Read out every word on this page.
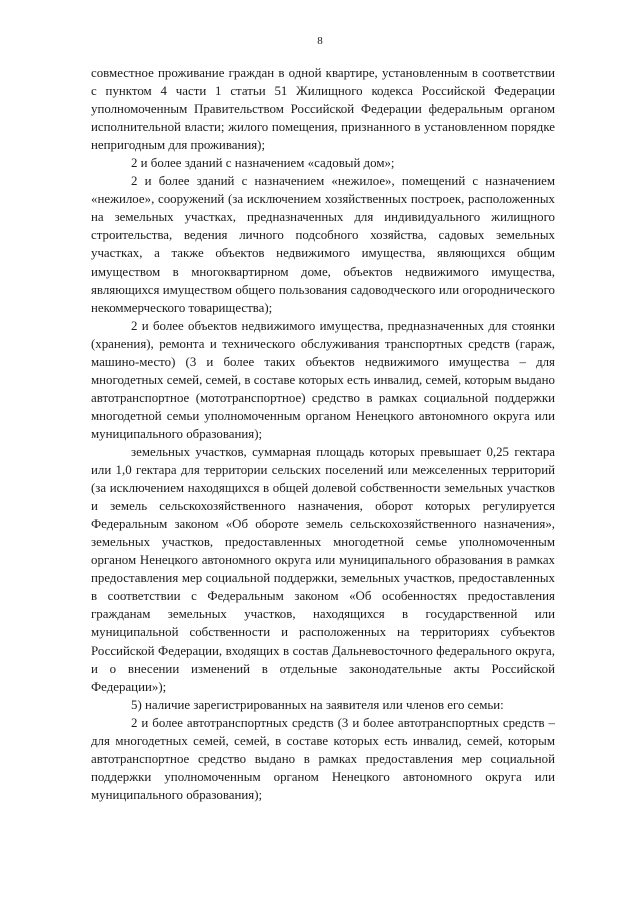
8

совместное проживание граждан в одной квартире, установленным в соответствии с пунктом 4 части 1 статьи 51 Жилищного кодекса Российской Федерации уполномоченным Правительством Российской Федерации федеральным органом исполнительной власти; жилого помещения, признанного в установленном порядке непригодным для проживания);

2 и более зданий с назначением «садовый дом»;

2 и более зданий с назначением «нежилое», помещений с назначением «нежилое», сооружений (за исключением хозяйственных построек, расположенных на земельных участках, предназначенных для индивидуального жилищного строительства, ведения личного подсобного хозяйства, садовых земельных участках, а также объектов недвижимого имущества, являющихся общим имуществом в многоквартирном доме, объектов недвижимого имущества, являющихся имуществом общего пользования садоводческого или огороднического некоммерческого товарищества);

2 и более объектов недвижимого имущества, предназначенных для стоянки (хранения), ремонта и технического обслуживания транспортных средств (гараж, машино-место) (3 и более таких объектов недвижимого имущества – для многодетных семей, семей, в составе которых есть инвалид, семей, которым выдано автотранспортное (мототранспортное) средство в рамках социальной поддержки многодетной семьи уполномоченным органом Ненецкого автономного округа или муниципального образования);

земельных участков, суммарная площадь которых превышает 0,25 гектара или 1,0 гектара для территории сельских поселений или межселенных территорий (за исключением находящихся в общей долевой собственности земельных участков и земель сельскохозяйственного назначения, оборот которых регулируется Федеральным законом «Об обороте земель сельскохозяйственного назначения», земельных участков, предоставленных многодетной семье уполномоченным органом Ненецкого автономного округа или муниципального образования в рамках предоставления мер социальной поддержки, земельных участков, предоставленных в соответствии с Федеральным законом «Об особенностях предоставления гражданам земельных участков, находящихся в государственной или муниципальной собственности и расположенных на территориях субъектов Российской Федерации, входящих в состав Дальневосточного федерального округа, и о внесении изменений в отдельные законодательные акты Российской Федерации»);

5) наличие зарегистрированных на заявителя или членов его семьи:

2 и более автотранспортных средств (3 и более автотранспортных средств – для многодетных семей, семей, в составе которых есть инвалид, семей, которым автотранспортное средство выдано в рамках предоставления мер социальной поддержки уполномоченным органом Ненецкого автономного округа или муниципального образования);
